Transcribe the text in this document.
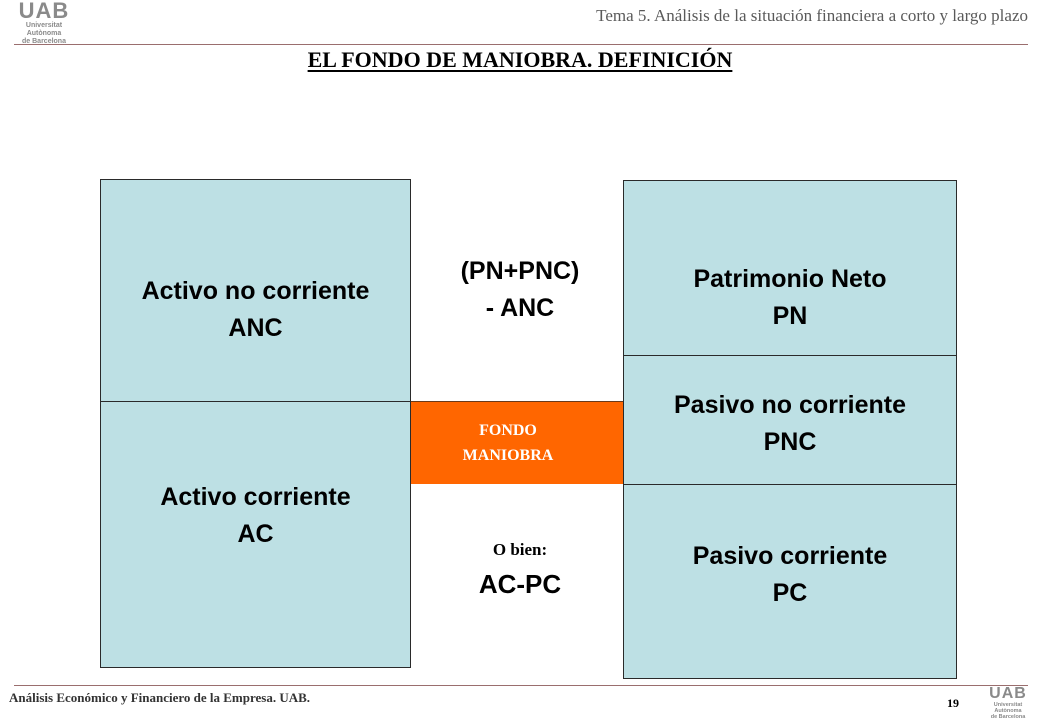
UAB
Universitat Autònoma
de Barcelona
Tema 5. Análisis de la situación financiera a corto y largo plazo
EL FONDO DE MANIOBRA. DEFINICIÓN
Activo no corriente
ANC
Activo corriente
AC
FONDO
MANIOBRA
Patrimonio Neto
PN
Pasivo no corriente
PNC
Pasivo corriente
PC
(PN+PNC)
- ANC
O bien:
AC-PC
Análisis Económico y Financiero de la Empresa. UAB.	19
UAB
Universitat Autònoma
de Barcelona
